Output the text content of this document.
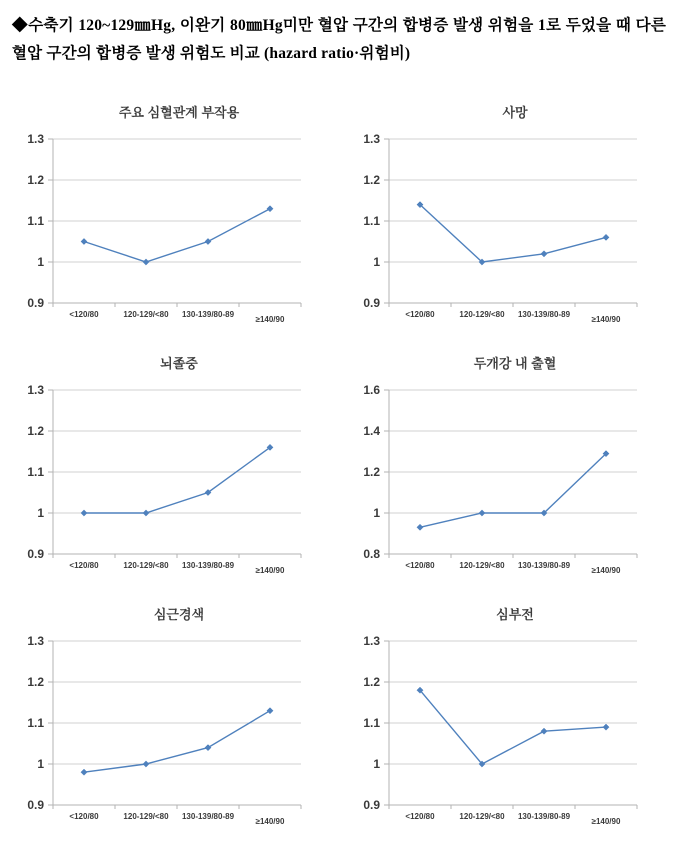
◆수축기 120~129㎜Hg, 이완기 80㎜Hg미만 혈압 구간의 합병증 발생 위험을 1로 두었을 때 다른 혈압 구간의 합병증 발생 위험도 비교 (hazard ratio·위험비)

주요 심혈관계 부작용
0.9
1
1.1
1.2
1.3
<120/80	120-129/<80 130-139/80-89
≥140/90
사망
0.9
1
1.1
1.2
1.3
<120/80	120-129/<80 130-139/80-89
≥140/90
뇌졸중
0.9
1
1.1
1.2
1.3
<120/80	120-129/<80 130-139/80-89
≥140/90
두개강 내 출혈
0.8
1
1.2
1.4
1.6
<120/80	120-129/<80 130-139/80-89
≥140/90
심근경색
0.9
1
1.1
1.2
1.3
<120/80	120-129/<80 130-139/80-89
≥140/90
심부전
0.9
1
1.1
1.2
1.3
<120/80	120-129/<80 130-139/80-89
≥140/90
